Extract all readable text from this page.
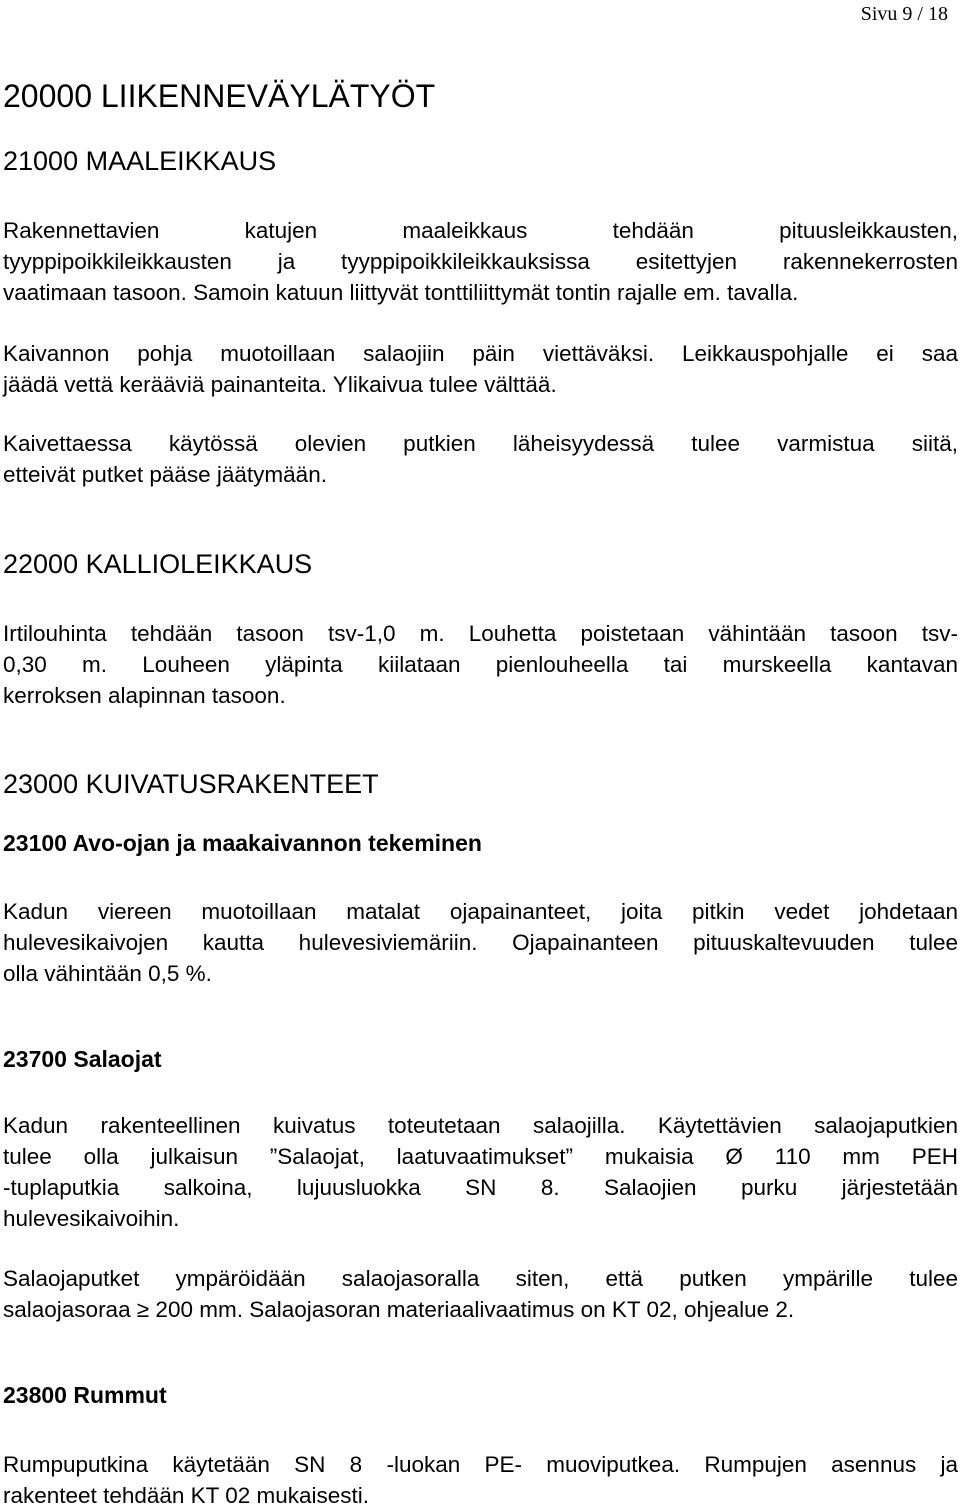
Sivu 9 / 18
20000 LIIKENNEVÄYLÄTYÖT
21000 MAALEIKKAUS
Rakennettavien katujen maaleikkaus tehdään pituusleikkausten,
tyyppipoikkileikkausten ja tyyppipoikkileikkauksissa esitettyjen rakennekerrosten
vaatimaan tasoon. Samoin katuun liittyvät tonttiliittymät tontin rajalle em. tavalla.
Kaivannon pohja muotoillaan salaojiin päin viettäväksi. Leikkauspohjalle ei saa
jäädä vettä kerääviä painanteita. Ylikaivua tulee välttää.
Kaivettaessa käytössä olevien putkien läheisyydessä tulee varmistua siitä,
etteivät putket pääse jäätymään.
22000 KALLIOLEIKKAUS
Irtilouhinta tehdään tasoon tsv-1,0 m. Louhetta poistetaan vähintään tasoon tsv-
0,30 m. Louheen yläpinta kiilataan pienlouheella tai murskeella kantavan
kerroksen alapinnan tasoon.
23000 KUIVATUSRAKENTEET
23100 Avo-ojan ja maakaivannon tekeminen
Kadun viereen muotoillaan matalat ojapainanteet, joita pitkin vedet johdetaan
hulevesikaivojen kautta hulevesiviemäriin. Ojapainanteen pituuskaltevuuden tulee
olla vähintään 0,5 %.
23700 Salaojat
Kadun rakenteellinen kuivatus toteutetaan salaojilla. Käytettävien salaojaputkien
tulee olla julkaisun ”Salaojat, laatuvaatimukset” mukaisia Ø 110 mm PEH
-tuplaputkia salkoina, lujuusluokka SN 8. Salaojien purku järjestetään
hulevesikaivoihin.
Salaojaputket ympäröidään salaojasoralla siten, että putken ympärille tulee
salaojasoraa ≥ 200 mm. Salaojasoran materiaalivaatimus on KT 02, ohjealue 2.
23800 Rummut
Rumpuputkina käytetään SN 8 -luokan PE- muoviputkea. Rumpujen asennus ja
rakenteet tehdään KT 02 mukaisesti.
